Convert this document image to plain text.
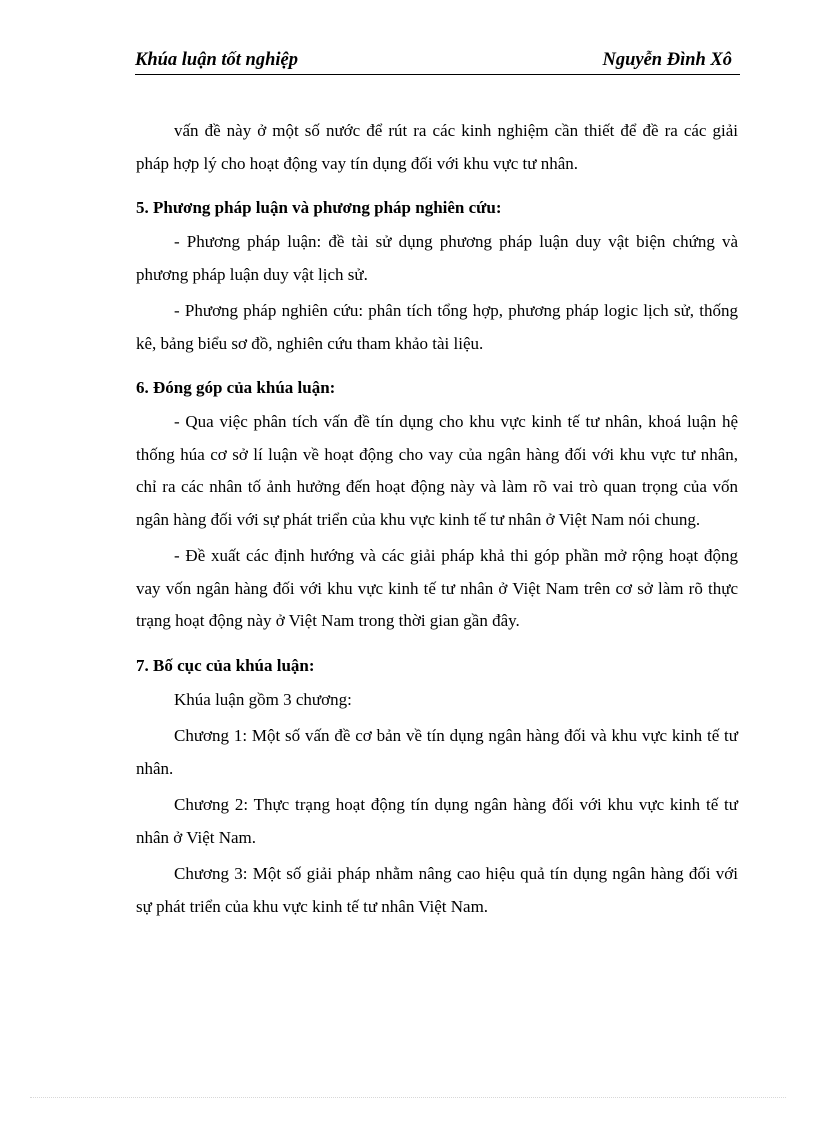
Khúa luận tốt nghiệp	Nguyễn Đình Xô

vấn đề này ở một số nước để rút ra các kinh nghiệm cần thiết để đề ra các giải pháp hợp lý cho hoạt động vay tín dụng đối với khu vực tư nhân.

5. Phương pháp luận và phương pháp nghiên cứu:

- Phương pháp luận: đề tài sử dụng phương pháp luận duy vật biện chứng và phương pháp luận duy vật lịch sử.

- Phương pháp nghiên cứu: phân tích tổng hợp, phương pháp logic lịch sử, thống kê, bảng biểu sơ đồ, nghiên cứu tham khảo tài liệu.

6. Đóng góp của khúa luận:

- Qua việc phân tích vấn đề tín dụng cho khu vực kinh tế tư nhân, khoá luận hệ thống húa cơ sở lí luận về hoạt động cho vay của ngân hàng đối với khu vực tư nhân, chỉ ra các nhân tố ảnh hưởng đến hoạt động này và làm rõ vai trò quan trọng của vốn ngân hàng đối với sự phát triển của khu vực kinh tế tư nhân ở Việt Nam nói chung.

- Đề xuất các định hướng và các giải pháp khả thi góp phần mở rộng hoạt động vay vốn ngân hàng đối với khu vực kinh tế tư nhân ở Việt Nam trên cơ sở làm rõ thực trạng hoạt động này ở Việt Nam trong thời gian gần đây.

7. Bố cục của khúa luận:

Khúa luận gồm 3 chương:

Chương 1: Một số vấn đề cơ bản về tín dụng ngân hàng đối và khu vực kinh tế tư nhân.

Chương 2: Thực trạng hoạt động tín dụng ngân hàng đối với khu vực kinh tế tư nhân ở Việt Nam.

Chương 3: Một số giải pháp nhằm nâng cao hiệu quả tín dụng ngân hàng đối với sự phát triển của khu vực kinh tế tư nhân Việt Nam.
